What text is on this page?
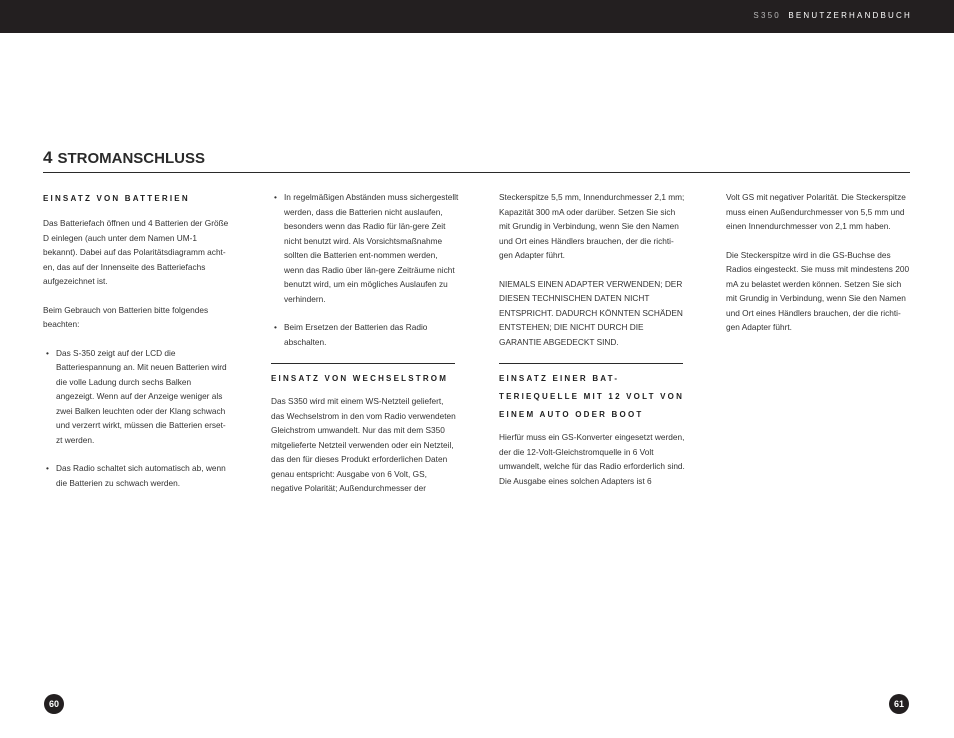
S350 BENUTZERHANDBUCH
4 STROMANSCHLUSS
EINSATZ VON BATTERIEN

Das Batteriefach öffnen und 4 Batterien der Größe D einlegen (auch unter dem Namen UM-1 bekannt). Dabei auf das Polaritätsdiagramm acht-en, das auf der Innenseite des Batteriefachs aufgezeichnet ist.

Beim Gebrauch von Batterien bitte folgendes beachten:

• Das S-350 zeigt auf der LCD die Batteriespannung an. Mit neuen Batterien wird die volle Ladung durch sechs Balken angezeigt. Wenn auf der Anzeige weniger als zwei Balken leuchten oder der Klang schwach und verzerrt wirkt, müssen die Batterien erset-zt werden.
• Das Radio schaltet sich automatisch ab, wenn die Batterien zu schwach werden.
• In regelmäßigen Abständen muss sichergestellt werden, dass die Batterien nicht auslaufen, besonders wenn das Radio für län-gere Zeit nicht benutzt wird. Als Vorsichtsmaßnahme sollten die Batterien ent-nommen werden, wenn das Radio über län-gere Zeiträume nicht benutzt wird, um ein mögliches Auslaufen zu verhindern.
• Beim Ersetzen der Batterien das Radio abschalten.
EINSATZ VON WECHSELSTROM

Das S350 wird mit einem WS-Netzteil geliefert, das Wechselstrom in den vom Radio verwendeten Gleichstrom umwandelt. Nur das mit dem S350 mitgelieferte Netzteil verwenden oder ein Netzteil, das den für dieses Produkt erforderlichen Daten genau entspricht: Ausgabe von 6 Volt, GS, negative Polarität; Außendurchmesser der

Steckerspitze 5,5 mm, Innendurchmesser 2,1 mm; Kapazität 300 mA oder darüber. Setzen Sie sich mit Grundig in Verbindung, wenn Sie den Namen und Ort eines Händlers brauchen, der die richti-gen Adapter führt.

NIEMALS EINEN ADAPTER VERWENDEN; DER DIESEN TECHNISCHEN DATEN NICHT ENTSPRICHT. DADURCH KÖNNTEN SCHÄDEN ENTSTEHEN; DIE NICHT DURCH DIE GARANTIE ABGEDECKT SIND.

EINSATZ EINER BAT-TERIEQUELLE MIT 12 VOLT VON EINEM AUTO ODER BOOT

Hierfür muss ein GS-Konverter eingesetzt werden, der die 12-Volt-Gleichstromquelle in 6 Volt umwandelt, welche für das Radio erforderlich sind. Die Ausgabe eines solchen Adapters ist 6

Volt GS mit negativer Polarität. Die Steckerspitze muss einen Außendurchmesser von 5,5 mm und einen Innendurchmesser von 2,1 mm haben.

Die Steckerspitze wird in die GS-Buchse des Radios eingesteckt. Sie muss mit mindestens 200 mA zu belastet werden können. Setzen Sie sich mit Grundig in Verbindung, wenn Sie den Namen und Ort eines Händlers brauchen, der die richti-gen Adapter führt.

60	61
